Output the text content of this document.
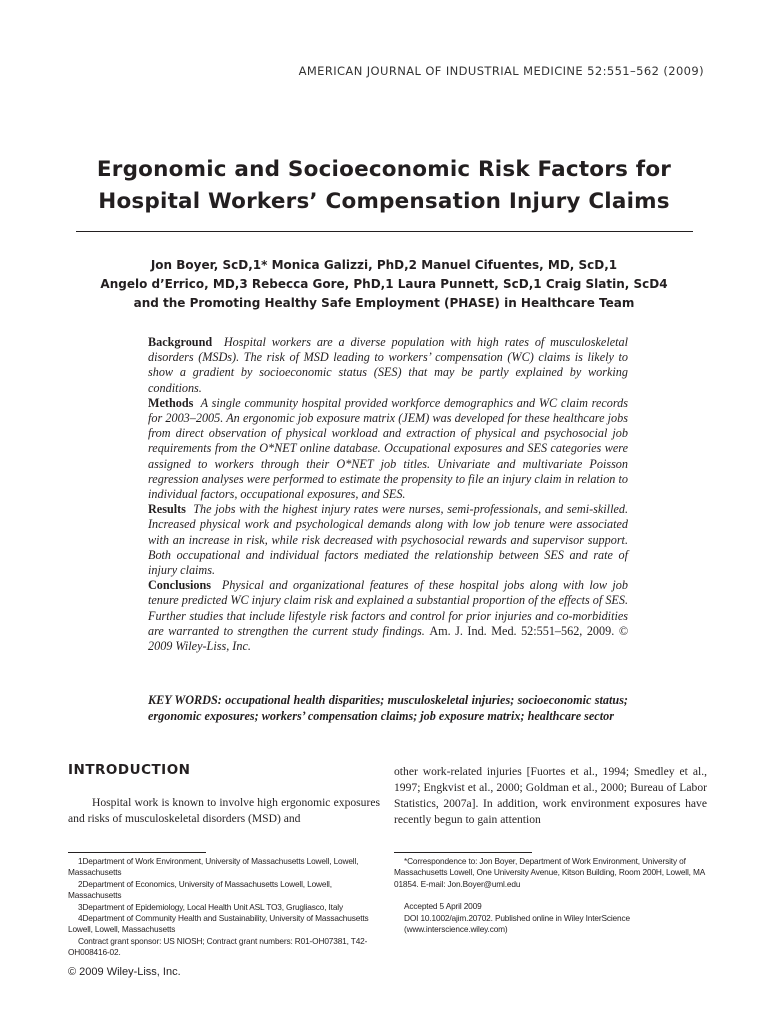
AMERICAN JOURNAL OF INDUSTRIAL MEDICINE 52:551–562 (2009)
Ergonomic and Socioeconomic Risk Factors for
Hospital Workers’ Compensation Injury Claims
Jon Boyer, ScD,1* Monica Galizzi, PhD,2 Manuel Cifuentes, MD, ScD,1
Angelo d’Errico, MD,3 Rebecca Gore, PhD,1 Laura Punnett, ScD,1 Craig Slatin, ScD4
and the Promoting Healthy Safe Employment (PHASE) in Healthcare Team

Background Hospital workers are a diverse population with high rates of musculoskeletal disorders (MSDs). The risk of MSD leading to workers’ compensation (WC) claims is likely to show a gradient by socioeconomic status (SES) that may be partly explained by working conditions.

Methods A single community hospital provided workforce demographics and WC claim records for 2003–2005. An ergonomic job exposure matrix (JEM) was developed for these healthcare jobs from direct observation of physical workload and extraction of physical and psychosocial job requirements from the O*NET online database. Occupational exposures and SES categories were assigned to workers through their O*NET job titles. Univariate and multivariate Poisson regression analyses were performed to estimate the propensity to file an injury claim in relation to individual factors, occupational exposures, and SES.

Results The jobs with the highest injury rates were nurses, semi-professionals, and semi-skilled. Increased physical work and psychological demands along with low job tenure were associated with an increase in risk, while risk decreased with psychosocial rewards and supervisor support. Both occupational and individual factors mediated the relationship between SES and rate of injury claims.

Conclusions Physical and organizational features of these hospital jobs along with low job tenure predicted WC injury claim risk and explained a substantial proportion of the effects of SES. Further studies that include lifestyle risk factors and control for prior injuries and co-morbidities are warranted to strengthen the current study findings. Am. J. Ind. Med. 52:551–562, 2009. © 2009 Wiley-Liss, Inc.

KEY WORDS: occupational health disparities; musculoskeletal injuries; socioeconomic status; ergonomic exposures; workers’ compensation claims; job exposure matrix; healthcare sector
INTRODUCTION
Hospital work is known to involve high ergonomic exposures and risks of musculoskeletal disorders (MSD) and
other work-related injuries [Fuortes et al., 1994; Smedley et al., 1997; Engkvist et al., 2000; Goldman et al., 2000; Bureau of Labor Statistics, 2007a]. In addition, work environment exposures have recently begun to gain attention
1Department of Work Environment, University of Massachusetts Lowell, Lowell, Massachusetts
2Department of Economics, University of Massachusetts Lowell, Lowell, Massachusetts
3Department of Epidemiology, Local Health Unit ASL TO3, Grugliasco, Italy
4Department of Community Health and Sustainability, University of Massachusetts Lowell, Lowell, Massachusetts
Contract grant sponsor: US NIOSH; Contract grant numbers: R01-OH07381, T42-OH008416-02.
*Correspondence to: Jon Boyer, Department of Work Environment, University of Massachusetts Lowell, One University Avenue, Kitson Building, Room 200H, Lowell, MA 01854. E-mail: Jon.Boyer@uml.edu
Accepted 5 April 2009
DOI 10.1002/ajim.20702. Published online in Wiley InterScience (www.interscience.wiley.com)
© 2009 Wiley-Liss, Inc.
